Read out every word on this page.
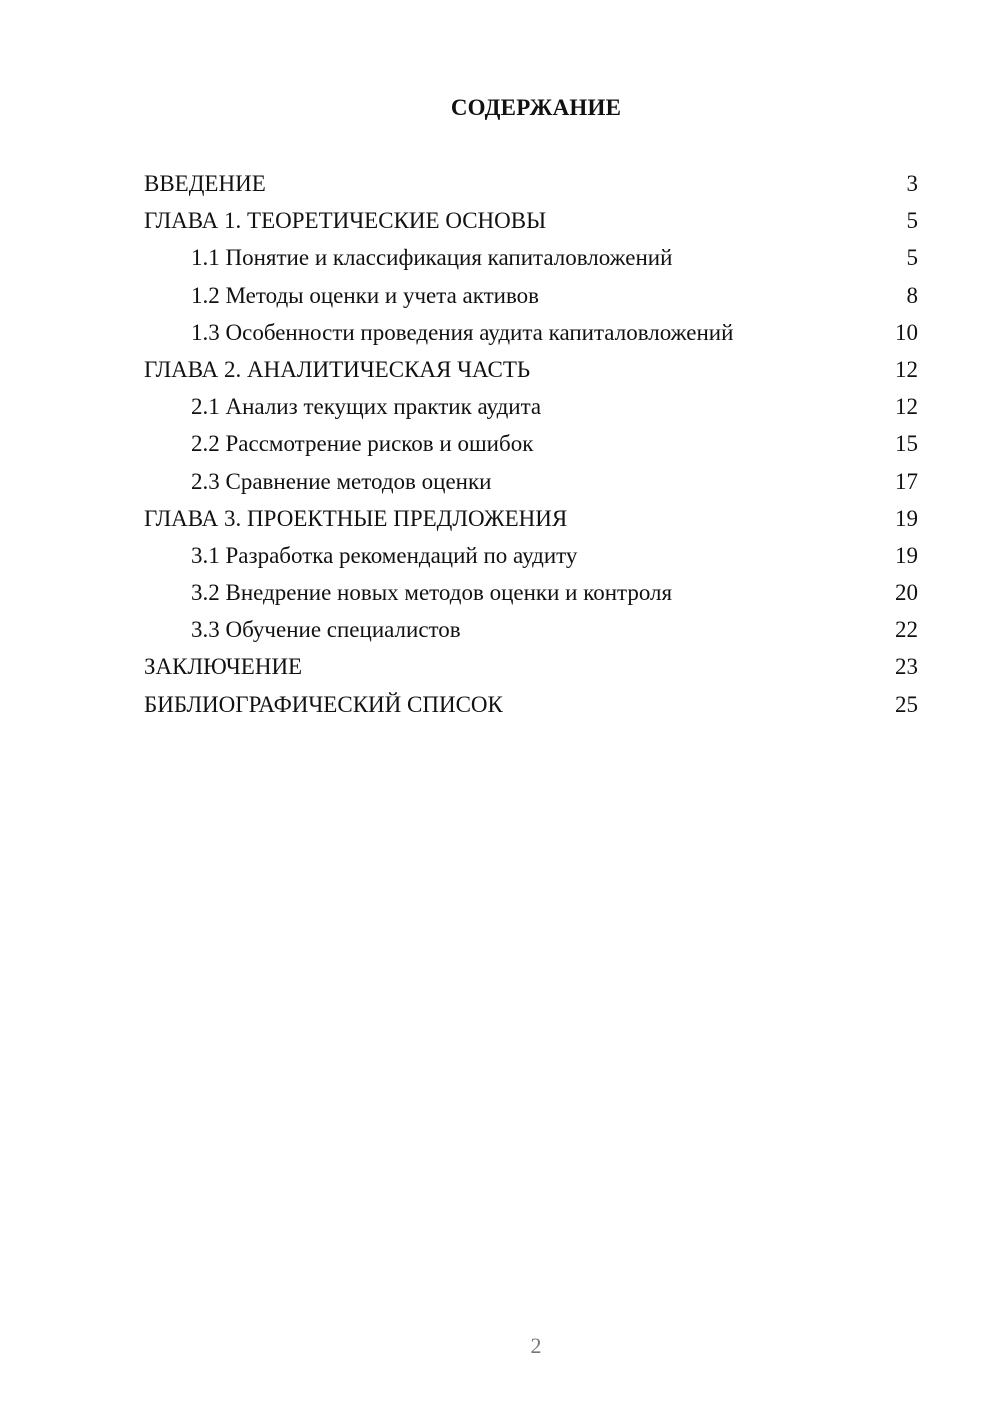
СОДЕРЖАНИЕ
ВВЕДЕНИЕ	3
ГЛАВА 1. ТЕОРЕТИЧЕСКИЕ ОСНОВЫ	5
1.1 Понятие и классификация капиталовложений	5
1.2 Методы оценки и учета активов	8
1.3 Особенности проведения аудита капиталовложений	10
ГЛАВА 2. АНАЛИТИЧЕСКАЯ ЧАСТЬ	12
2.1 Анализ текущих практик аудита	12
2.2 Рассмотрение рисков и ошибок	15
2.3 Сравнение методов оценки	17
ГЛАВА 3. ПРОЕКТНЫЕ ПРЕДЛОЖЕНИЯ	19
3.1 Разработка рекомендаций по аудиту	19
3.2 Внедрение новых методов оценки и контроля	20
3.3 Обучение специалистов	22
ЗАКЛЮЧЕНИЕ	23
БИБЛИОГРАФИЧЕСКИЙ СПИСОК	25
2
